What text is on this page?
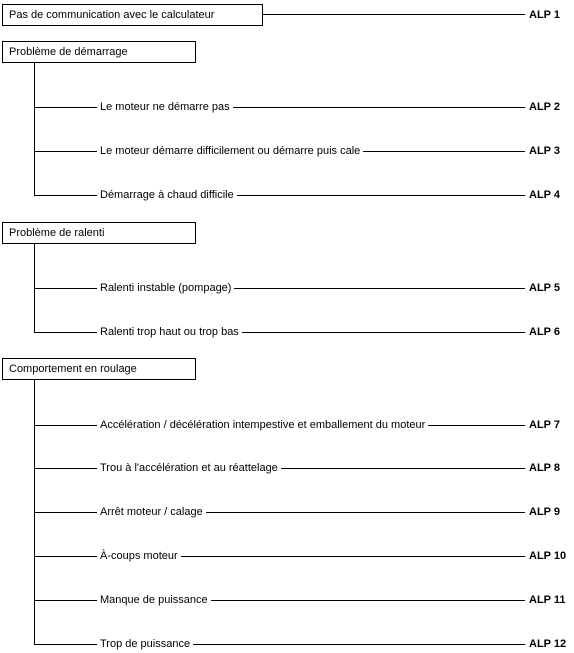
Pas de communication avec le calculateur	ALP 1
Problème de démarrage
Le moteur ne démarre pas	ALP 2
Le moteur démarre difficilement ou démarre puis cale	ALP 3
Démarrage à chaud difficile	ALP 4
Problème de ralenti
Ralenti instable (pompage)	ALP 5
Ralenti trop haut ou trop bas	ALP 6
Comportement en roulage
Accélération / décélération intempestive et emballement du moteur	ALP 7
Trou à l'accélération et au réattelage	ALP 8
Arrêt moteur / calage	ALP 9
À-coups moteur	ALP 10
Manque de puissance	ALP 11
Trop de puissance	ALP 12
